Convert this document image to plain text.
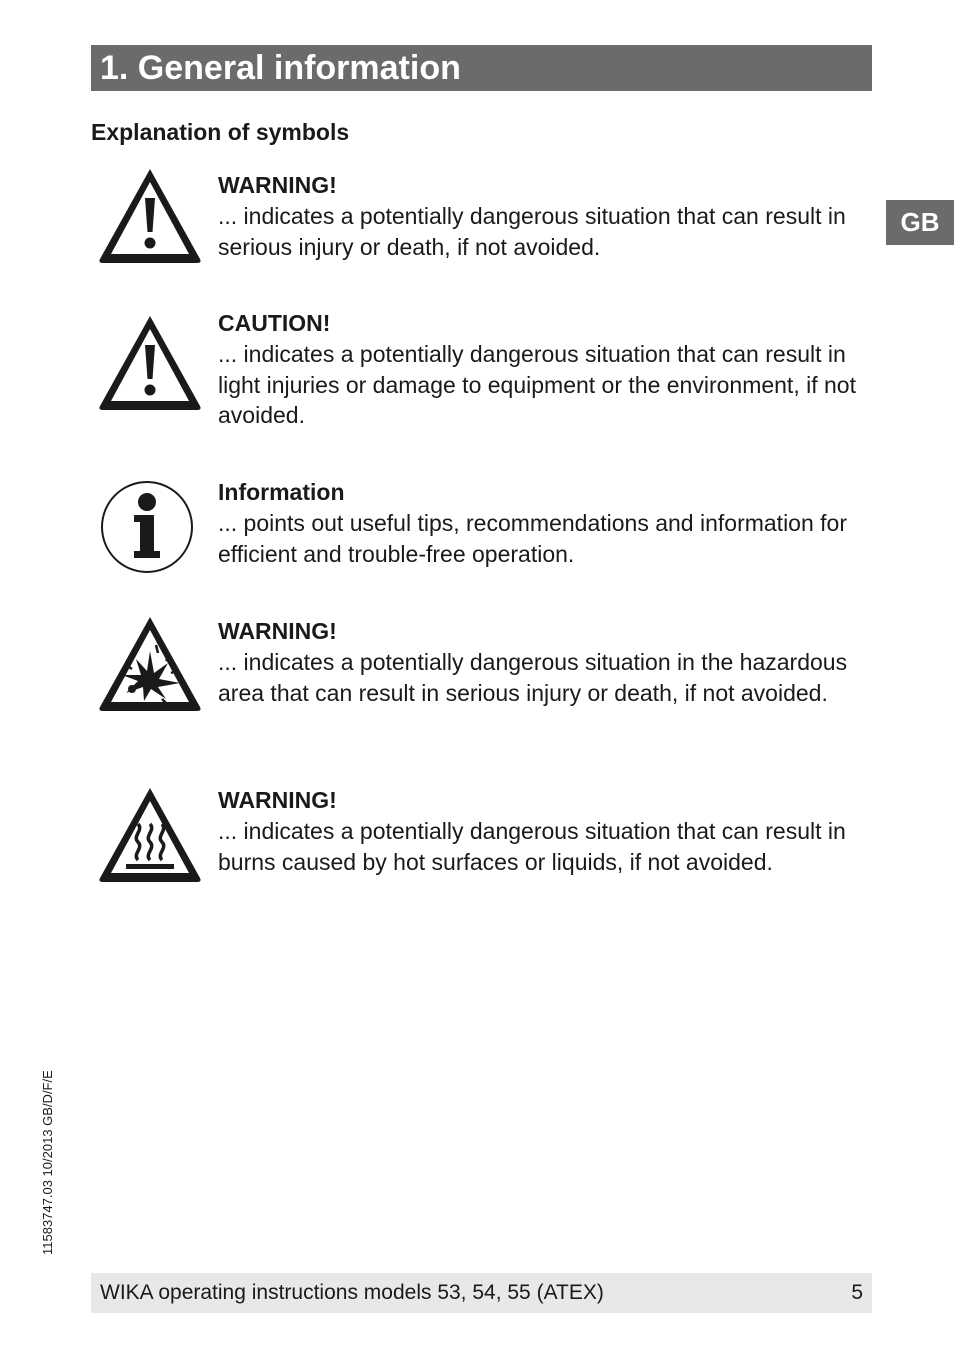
1. General information
Explanation of symbols
GB
WARNING!
... indicates a potentially dangerous situation that can result in serious injury or death, if not avoided.
CAUTION!
... indicates a potentially dangerous situation that can result in light injuries or damage to equipment or the environment, if not avoided.
Information
... points out useful tips, recommendations and information for efficient and trouble-free operation.
WARNING!
... indicates a potentially dangerous situation in the hazardous area that can result in serious injury or death, if not avoided.
WARNING!
... indicates a potentially dangerous situation that can result in burns caused by hot surfaces or liquids, if not avoided.
11583747.03 10/2013 GB/D/F/E
WIKA operating instructions models 53, 54, 55 (ATEX)	5
